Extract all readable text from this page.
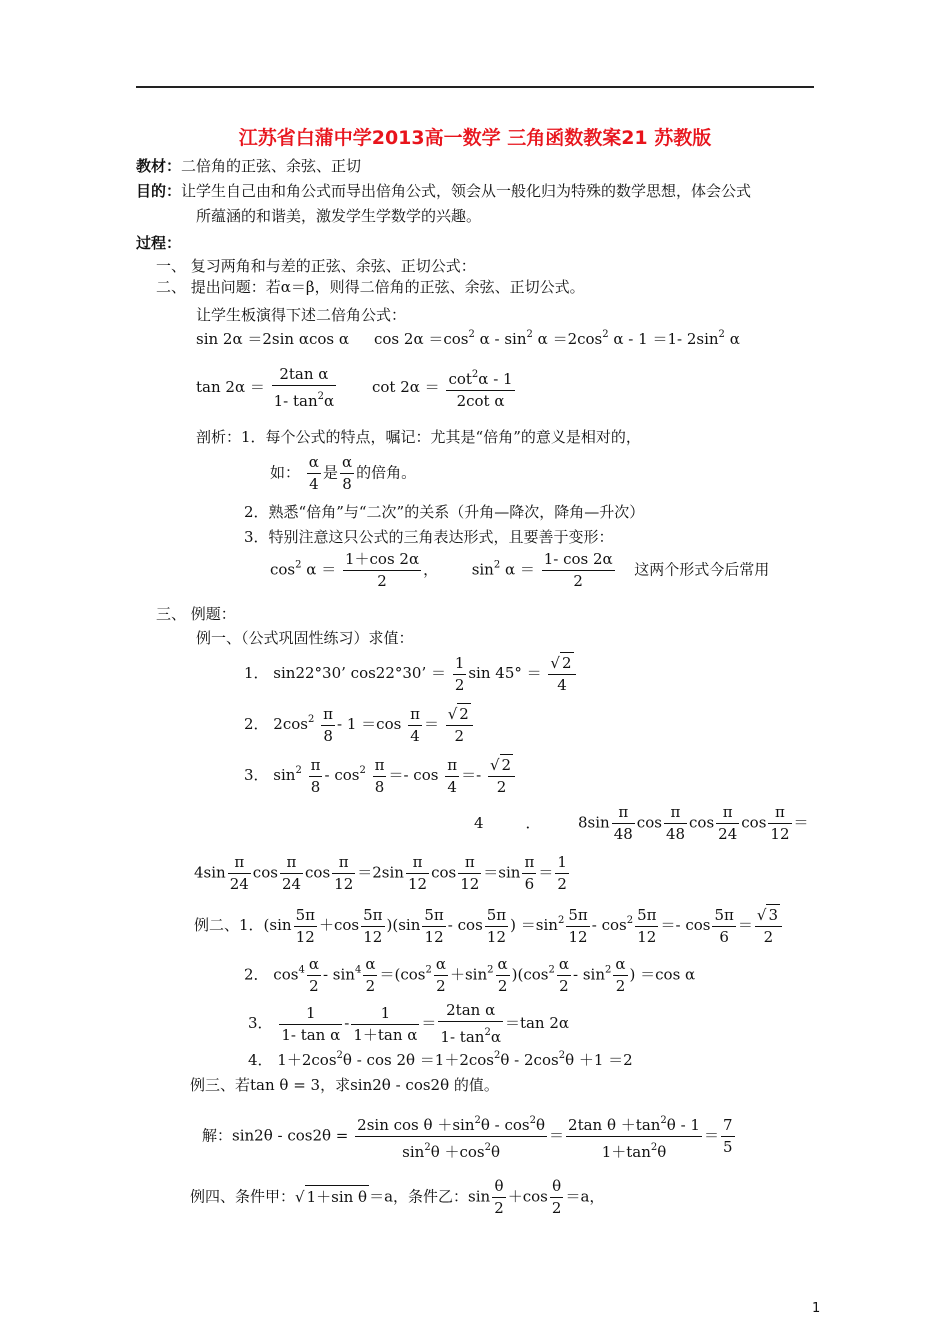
江苏省白蒲中学2013高一数学 三角函数教案21 苏教版
教材：二倍角的正弦、余弦、正切
目的：让学生自己由和角公式而导出倍角公式，领会从一般化归为特殊的数学思想，体会公式
所蕴涵的和谐美，激发学生学数学的兴趣。
过程：
一、 复习两角和与差的正弦、余弦、正切公式：
二、 提出问题：若α＝β，则得二倍角的正弦、余弦、正切公式。
让学生板演得下述二倍角公式：
sin 2α ＝2sin αcos α $\cos 2\alpha =\cos^2$ $\alpha - \sin^2 \alpha =2\cos^2$ α - 1 ＝1- $2\sin^2$ α
$\tan 2\alpha = \frac{\text{2tan α}}{1- \tan^2\alpha}$ $\cot 2\alpha = \frac{\cot^2\alpha - 1}{\text{2cot α}}$
剖析：1．每个公式的特点，嘱记：尤其是“倍角”的意义是相对的，
如： $\frac{\alpha}{4}$ 是 $\frac{\alpha}{8}$ 的倍角。
2．熟悉“倍角”与“二次”的关系（升角—降次，降角—升次）
3．特别注意这只公式的三角表达形式，且要善于变形：
$\cos^2 \alpha = \frac{1+\cos 2\alpha}{2}$ ， $\sin^2 \alpha = \frac{1- \cos 2\alpha}{2}$ 这两个形式今后常用
三、 例题：
例一、（公式巩固性练习）求值：
1． sin22°30’ cos22°30’ ＝ $\frac{1}{2}$ $\sin 45^\circ = \frac{√ 2}{4}$
2． $2\cos^2 \frac{\pi}{8} - 1 =\cos \frac{\pi}{4} = \frac{√ 2}{2}$
3． $\sin^2 \frac{\pi}{8} - \cos^2 \frac{\pi}{8} =- \cos \frac{\pi}{4} =- \frac{√ 2}{2}$
4	． $8\sin \frac{\pi}{48}$ $\cos \frac{\pi}{48}$ $\cos \frac{\pi}{24}$ $\cos \frac{\pi}{12}$ ＝
$4\sin \frac{\pi}{24}$ $\cos \frac{\pi}{24}$ $\cos \frac{\pi}{12} =2\sin \frac{\pi}{12}$ $\cos \frac{\pi}{12} =\sin \frac{\pi}{6} = \frac{1}{2}$
例二、1．$(\sin \frac{5\pi}{12} +\cos \frac{5\pi}{12} )(\sin \frac{5\pi}{12} - \cos \frac{5\pi}{12}$ ) $=\sin^2 \frac{5\pi}{12} - \cos^2 \frac{5\pi}{12} =- \cos \frac{5\pi}{6} = \frac{√ 3}{2}$
2． $\cos^4 \frac{\alpha}{2} - \sin^4 \frac{\alpha}{2} =(\cos^2 \frac{\alpha}{2} +\sin^2 \frac{\alpha}{2} )(\cos^2 \frac{\alpha}{2} - \sin^2 \frac{\alpha}{2}$ ) ＝cos α
3． $\frac{1}{\text{1- tan α}} - \frac{1}{\text{1＋tan α}} = \frac{\text{2tan α}}{1- \tan^2\alpha} =\tan$ 2α
4． $1+2\cos^2\theta - \cos 2\theta =1+2\cos^2\theta - 2\cos^2\theta +1 =2$
例三、若tan θ = 3，求sin2θ - cos2θ 的值。
解：$\sin 2\theta - \cos 2\theta = \frac{2\sin \cos \theta +\sin^2\theta - \cos^2\theta}{\sin^2\theta +\cos^2\theta} = \frac{2\tan \theta +\tan^2\theta - 1}{1+\tan^2\theta} = \frac{7}{5}$
例四、条件甲：√ 1＋sin θ ＝a，条件乙：$\sin \frac{\theta}{2} +\cos \frac{\theta}{2} =a$，
1
